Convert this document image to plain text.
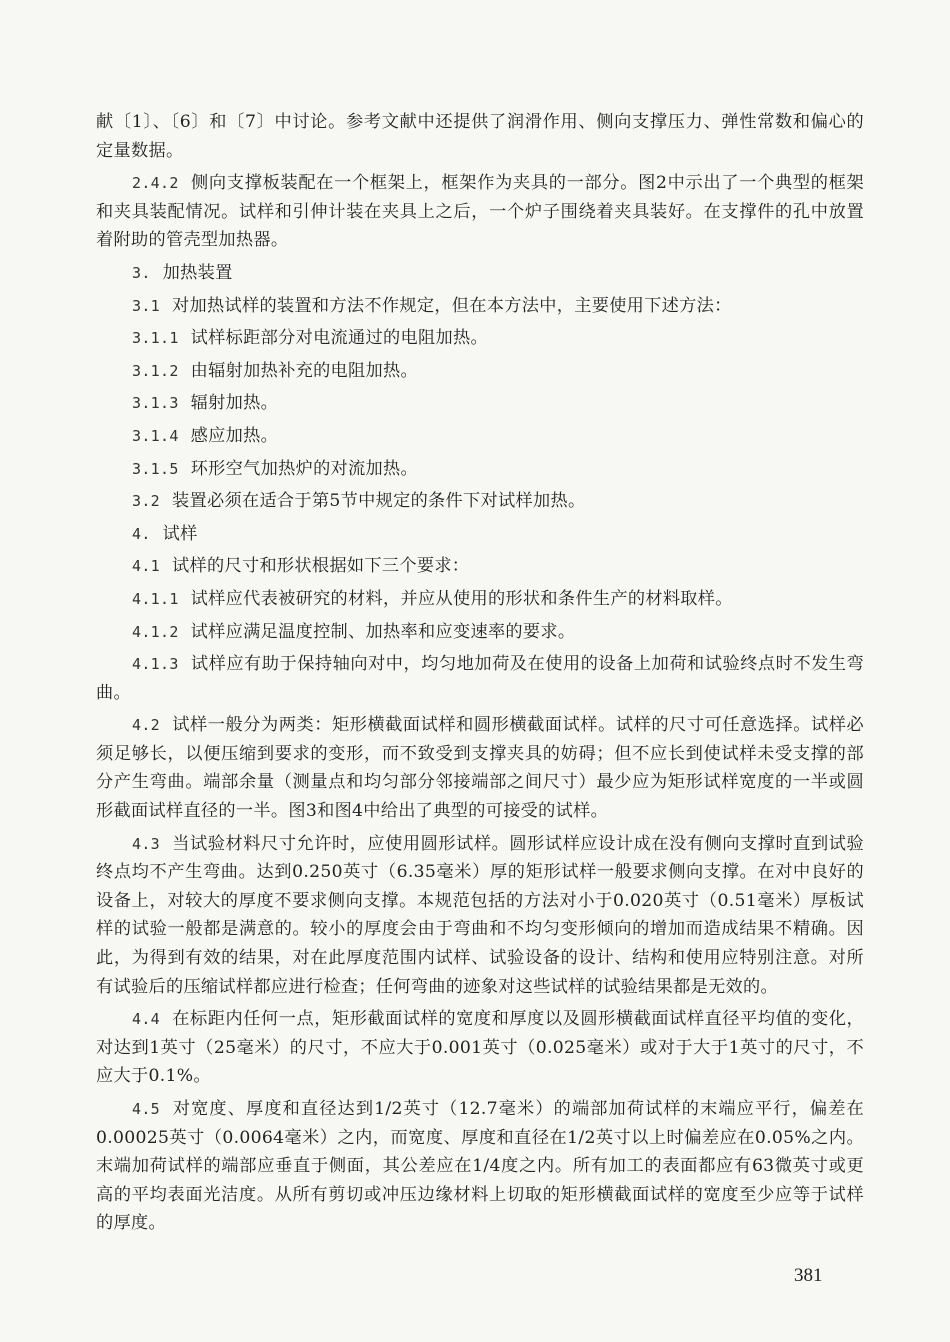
献〔1〕、〔6〕和〔7〕中讨论。参考文献中还提供了润滑作用、侧向支撑压力、弹性常数和偏心的定量数据。

2.4.2 侧向支撑板装配在一个框架上，框架作为夹具的一部分。图2中示出了一个典型的框架和夹具装配情况。试样和引伸计装在夹具上之后，一个炉子围绕着夹具装好。在支撑件的孔中放置着附助的管壳型加热器。

3. 加热装置

3.1 对加热试样的装置和方法不作规定，但在本方法中，主要使用下述方法：

3.1.1 试样标距部分对电流通过的电阻加热。

3.1.2 由辐射加热补充的电阻加热。

3.1.3 辐射加热。

3.1.4 感应加热。

3.1.5 环形空气加热炉的对流加热。

3.2 装置必须在适合于第5节中规定的条件下对试样加热。

4. 试样

4.1 试样的尺寸和形状根据如下三个要求：

4.1.1 试样应代表被研究的材料，并应从使用的形状和条件生产的材料取样。

4.1.2 试样应满足温度控制、加热率和应变速率的要求。

4.1.3 试样应有助于保持轴向对中，均匀地加荷及在使用的设备上加荷和试验终点时不发生弯曲。

4.2 试样一般分为两类：矩形横截面试样和圆形横截面试样。试样的尺寸可任意选择。试样必须足够长，以便压缩到要求的变形，而不致受到支撑夹具的妨碍；但不应长到使试样未受支撑的部分产生弯曲。端部余量（测量点和均匀部分邻接端部之间尺寸）最少应为矩形试样宽度的一半或圆形截面试样直径的一半。图3和图4中给出了典型的可接受的试样。

4.3 当试验材料尺寸允许时，应使用圆形试样。圆形试样应设计成在没有侧向支撑时直到试验终点均不产生弯曲。达到0.250英寸（6.35毫米）厚的矩形试样一般要求侧向支撑。在对中良好的设备上，对较大的厚度不要求侧向支撑。本规范包括的方法对小于0.020英寸（0.51毫米）厚板试样的试验一般都是满意的。较小的厚度会由于弯曲和不均匀变形倾向的增加而造成结果不精确。因此，为得到有效的结果，对在此厚度范围内试样、试验设备的设计、结构和使用应特别注意。对所有试验后的压缩试样都应进行检查；任何弯曲的迹象对这些试样的试验结果都是无效的。

4.4 在标距内任何一点，矩形截面试样的宽度和厚度以及圆形横截面试样直径平均值的变化，对达到1英寸（25毫米）的尺寸，不应大于0.001英寸（0.025毫米）或对于大于1英寸的尺寸，不应大于0.1%。

4.5 对宽度、厚度和直径达到1/2英寸（12.7毫米）的端部加荷试样的末端应平行，偏差在0.00025英寸（0.0064毫米）之内，而宽度、厚度和直径在1/2英寸以上时偏差应在0.05%之内。末端加荷试样的端部应垂直于侧面，其公差应在1/4度之内。所有加工的表面都应有63微英寸或更高的平均表面光洁度。从所有剪切或冲压边缘材料上切取的矩形横截面试样的宽度至少应等于试样的厚度。

381
